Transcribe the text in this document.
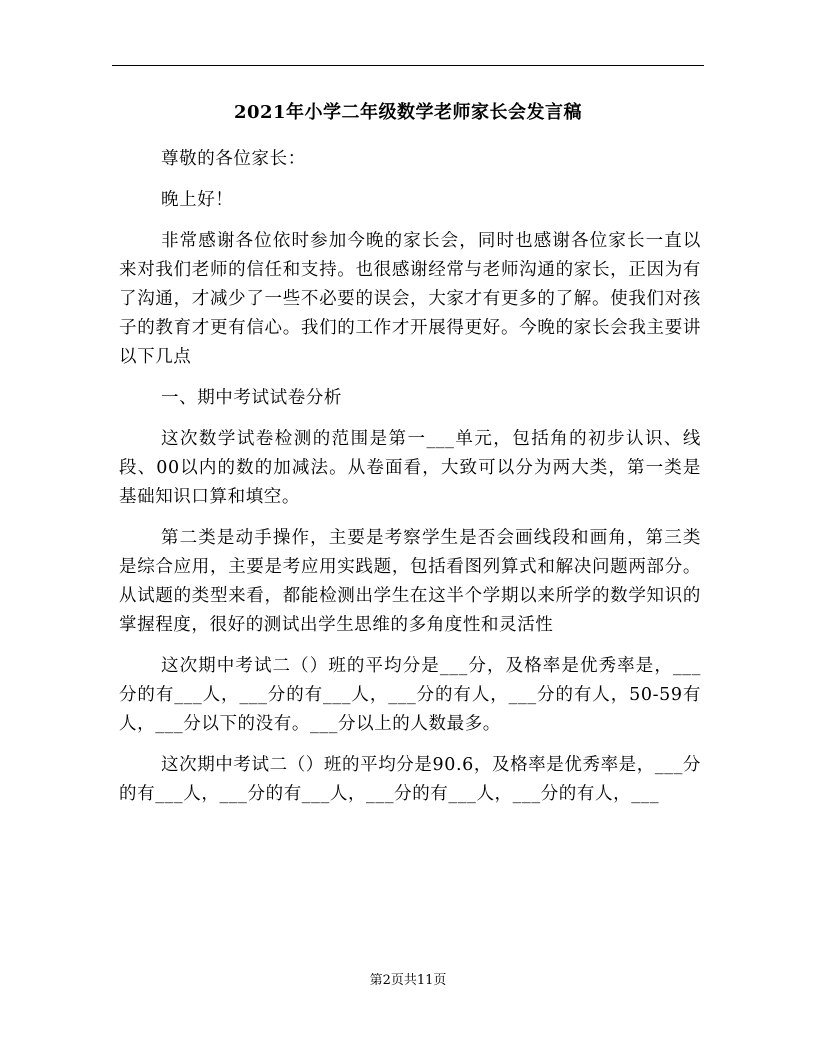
2021年小学二年级数学老师家长会发言稿

尊敬的各位家长：

晚上好！

非常感谢各位依时参加今晚的家长会，同时也感谢各位家长一直以来对我们老师的信任和支持。也很感谢经常与老师沟通的家长，正因为有了沟通，才减少了一些不必要的误会，大家才有更多的了解。使我们对孩子的教育才更有信心。我们的工作才开展得更好。今晚的家长会我主要讲以下几点

一、期中考试试卷分析

这次数学试卷检测的范围是第一___单元，包括角的初步认识、线段、00以内的数的加减法。从卷面看，大致可以分为两大类，第一类是基础知识口算和填空。

第二类是动手操作，主要是考察学生是否会画线段和画角，第三类是综合应用，主要是考应用实践题，包括看图列算式和解决问题两部分。从试题的类型来看，都能检测出学生在这半个学期以来所学的数学知识的掌握程度，很好的测试出学生思维的多角度性和灵活性

这次期中考试二（）班的平均分是___分，及格率是优秀率是，___分的有___人，___分的有___人，___分的有人，___分的有人，50-59有人，___分以下的没有。___分以上的人数最多。

这次期中考试二（）班的平均分是90.6，及格率是优秀率是，___分的有___人，___分的有___人，___分的有___人，___分的有人，___

第2页共11页
